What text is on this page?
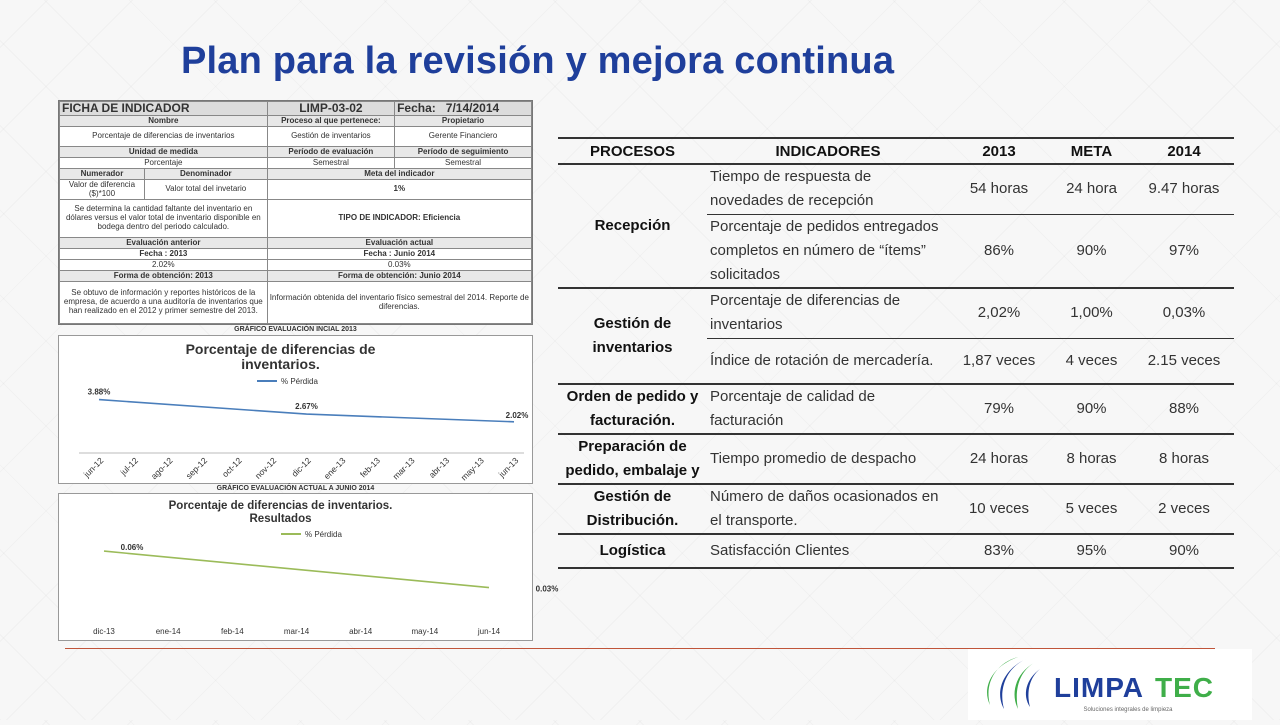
Plan para la revisión y mejora continua
FICHA DE INDICADOR		LIMP-03-02	Fecha: 7/14/2014
Nombre		Proceso al que pertenece:	Propietario
Porcentaje de diferencias de inventarios		Gestión de inventarios	Gerente Financiero
Unidad de medida		Período de evaluación	Período de seguimiento
Porcentaje		Semestral	Semestral
Numerador	Denominador	Meta del indicador	
Valor de diferencia ($)*100	Valor total del invetario	1%	
Se determina la cantidad faltante del inventario en dólares versus el valor total de inventario disponible en bodega dentro del periodo calculado.		TIPO DE INDICADOR: Eficiencia	
Evaluación anterior		Evaluación actual	
Fecha : 2013		Fecha : Junio 2014	
2.02%		0.03%	
Forma de obtención: 2013		Forma de obtención: Junio 2014	
Se obtuvo de información y reportes históricos de la empresa, de acuerdo a una auditoría de inventarios que han realizado en el 2012 y primer semestre del 2013.		Información obtenida del inventario físico semestral del 2014. Reporte de diferencias.	
GRÁFICO EVALUACIÓN INCIAL 2013
Porcentaje de diferencias de
inventarios.
% Pérdida
3.88%
2.67%
2.02%
jun-12 jul-12 ago-12 sep-12 oct-12 nov-12 dic-12 ene-13 feb-13 mar-13 abr-13 may-13 jun-13
GRÁFICO EVALUACIÓN ACTUAL A JUNIO 2014
Porcentaje de diferencias de inventarios.
Resultados
% Pérdida
0.06%
0.03%
dic-13	ene-14	feb-14	mar-14	abr-14	may-14	jun-14
PROCESOS	INDICADORES	2013	META	2014
Recepción	Tiempo de respuesta de novedades de recepción	54 horas	24 hora	9.47 horas
	Porcentaje de pedidos entregados completos en número de “ítems” solicitados	86%	90%	97%
Gestión de inventarios	Porcentaje de diferencias de inventarios	2,02%	1,00%	0,03%
	Índice de rotación de mercadería.	1,87 veces	4 veces	2.15 veces
Orden de pedido y facturación.	Porcentaje de calidad de facturación	79%	90%	88%
Preparación de pedido, embalaje y	Tiempo promedio de despacho	24 horas	8 horas	8 horas
Gestión de Distribución.	Número de daños ocasionados en el transporte.	10 veces	5 veces	2 veces
Logística	Satisfacción Clientes	83%	95%	90%
LIMPA TEC
Soluciones integrales de limpieza
